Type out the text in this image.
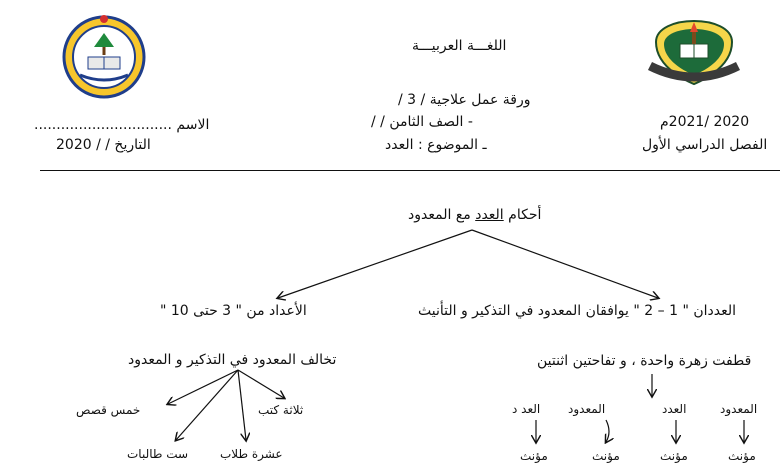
اللغـــة العربيـــة
ورقة عمل علاجية / 3 /
- الصف الثامن / /
ـ الموضوع : العدد
الاسم ...............................
التاريخ / / 2020
2020 /2021م
الفصل الدراسي الأول
أحكام العدد مع المعدود
الأعداد من " 3 حتى 10 "	العددان " 1 – 2 " يوافقان المعدود في التذكير و التأنيث
تخالف المعدود في التذكير و المعدود	قطفت زهرة واحدة ، و تفاحتين اثنتين
خمس قصص	ثلاثة كتب
ست طالبات	عشرة طلاب
المعدود
العدد
المعدود
العد د
مؤنث
مؤنث
مؤنث
مؤنث
